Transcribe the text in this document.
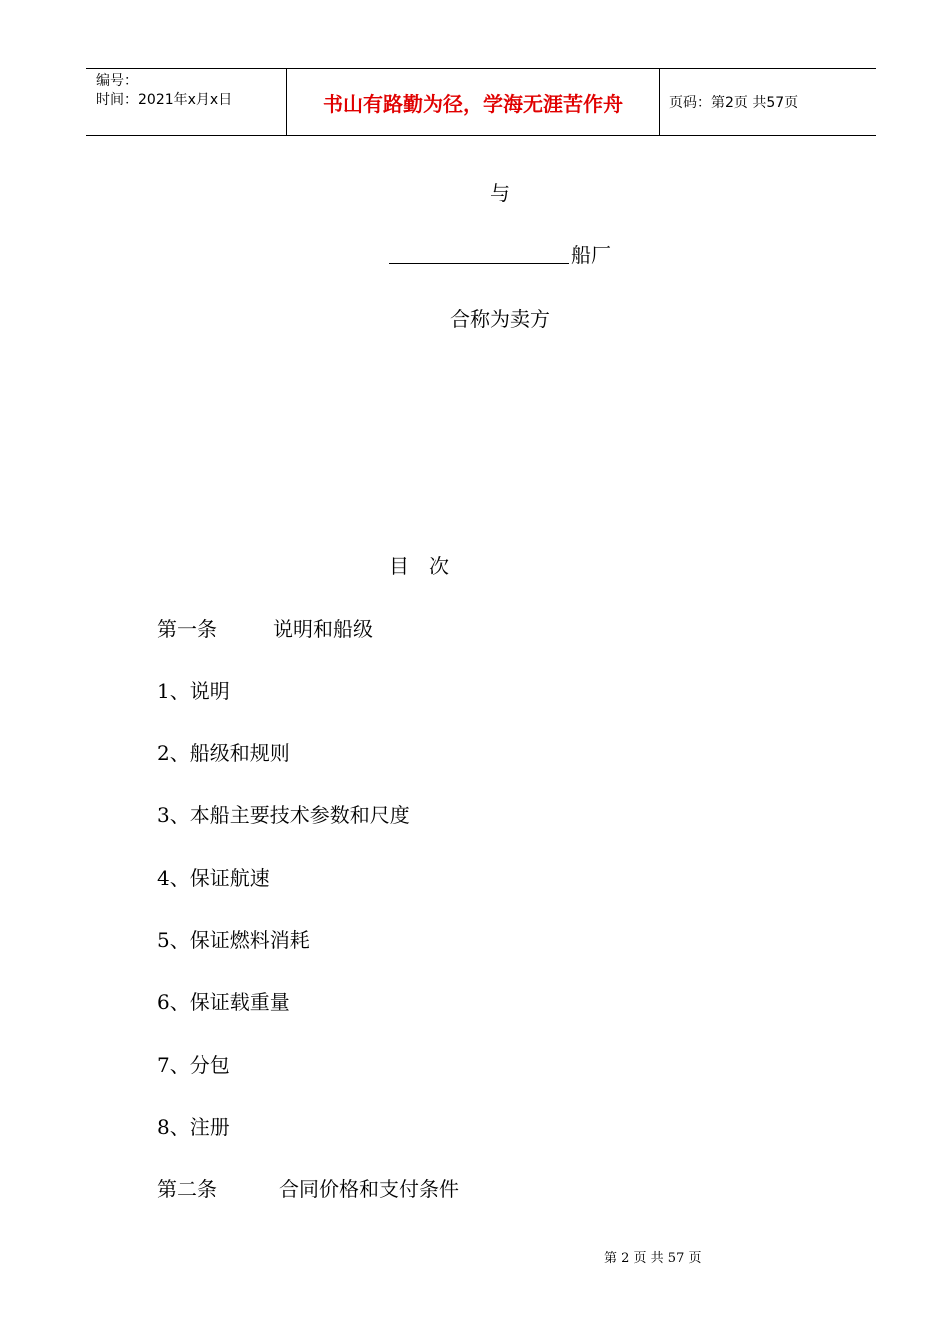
编号：
时间：2021年x月x日	书山有路勤为径，学海无涯苦作舟	页码：第2页 共57页
与
船厂
合称为卖方
目　次
第一条	说明和船级
1、说明
2、船级和规则
3、本船主要技术参数和尺度
4、保证航速
5、保证燃料消耗
6、保证载重量
7、分包
8、注册
第二条	合同价格和支付条件
第 2 页 共 57 页
